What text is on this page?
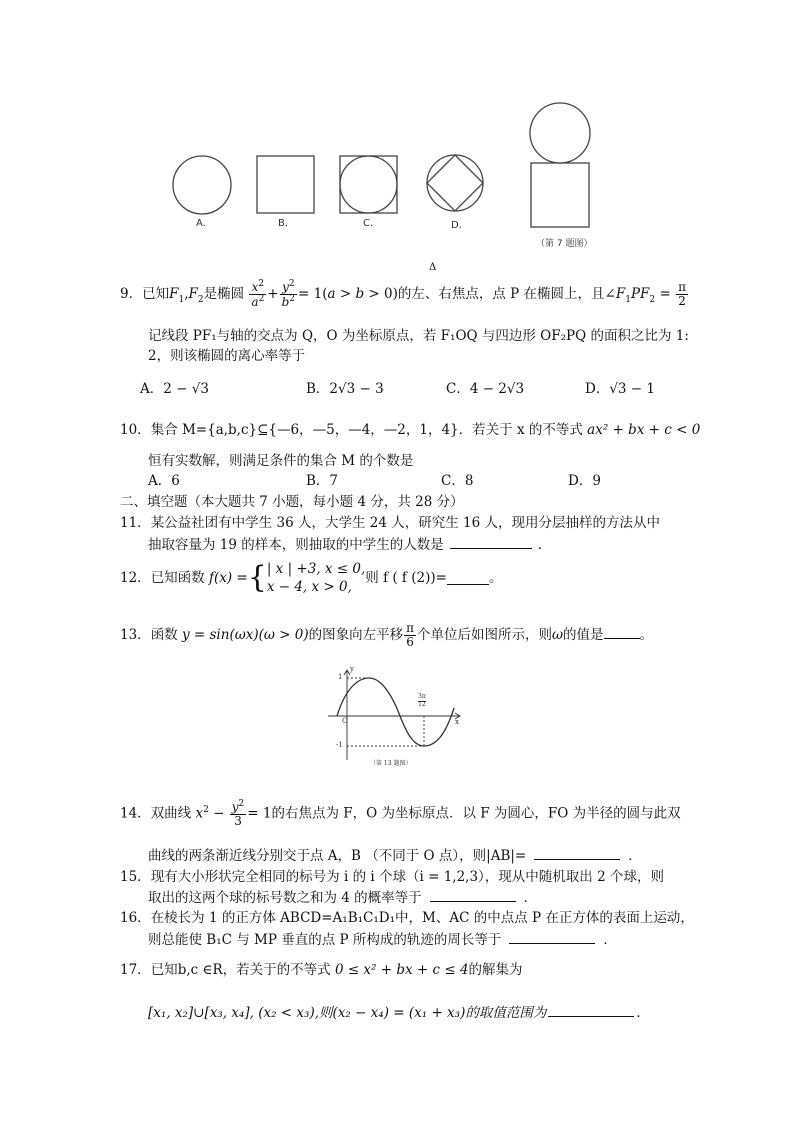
A.	B.	C.	D.
（第 7 题图）
Δ
9．已知$F_1,F_2$是椭圆 $\frac{x^2}{a^2} + \frac{y^2}{b^2} = 1(a > b > 0)$的左、右焦点，点 P 在椭圆上，且$\angle F_1PF_2 = \frac{\pi}{2}$
记线段 PF₁与轴的交点为 Q，O 为坐标原点，若 F₁OQ 与四边形 OF₂PQ 的面积之比为 1:
2，则该椭圆的离心率等于
A．2 − √3	B．2√3 − 3	C．4 − 2√3	D．√3 − 1
10．集合 M={a,b,c}⊆{—6，—5，—4，—2，1，4}．若关于 x 的不等式 ax² + bx + c < 0
恒有实数解，则满足条件的集合 M 的个数是
A．6	B．7	C．8	D．9
二、填空题（本大题共 7 小题，每小题 4 分，共 28 分）
11．某公益社团有中学生 36 人，大学生 24 人，研究生 16 人，现用分层抽样的方法从中
抽取容量为 19 的样本，则抽取的中学生的人数是	．
12．已知函数 f(x) ={ | x | +3, x ≤ 0,
x − 4, x > 0,
则 f ( f (2))=	。
13．函数 y = sin(ωx)(ω > 0)的图象向左平移 $\frac{\pi}{6}$ 个单位后如图所示，则ω的值是	。
1
-1
O
y
x
$\frac{3\pi}{12}$
（第 13 题图）
14．双曲线 $x^2 - \frac{y^2}{3} = 1$的右焦点为 F，O 为坐标原点．以 F 为圆心，FO 为半径的圆与此双
曲线的两条渐近线分别交于点 A，B （不同于 O 点），则|AB|=	．
15．现有大小形状完全相同的标号为 i 的 i 个球（i = 1,2,3），现从中随机取出 2 个球，则
取出的这两个球的标号数之和为 4 的概率等于	．
16．在棱长为 1 的正方体 ABCD=A₁B₁C₁D₁中，M、AC 的中点点 P 在正方体的表面上运动，
则总能使 B₁C 与 MP 垂直的点 P 所构成的轨迹的周长等于	．
17．已知b,c ∈R，若关于的不等式 0 ≤ x² + bx + c ≤ 4的解集为
[x₁, x₂]∪[x₃, x₄], (x₂ < x₃),则(x₂ − x₄) = (x₁ + x₃)的取值范围为	．
